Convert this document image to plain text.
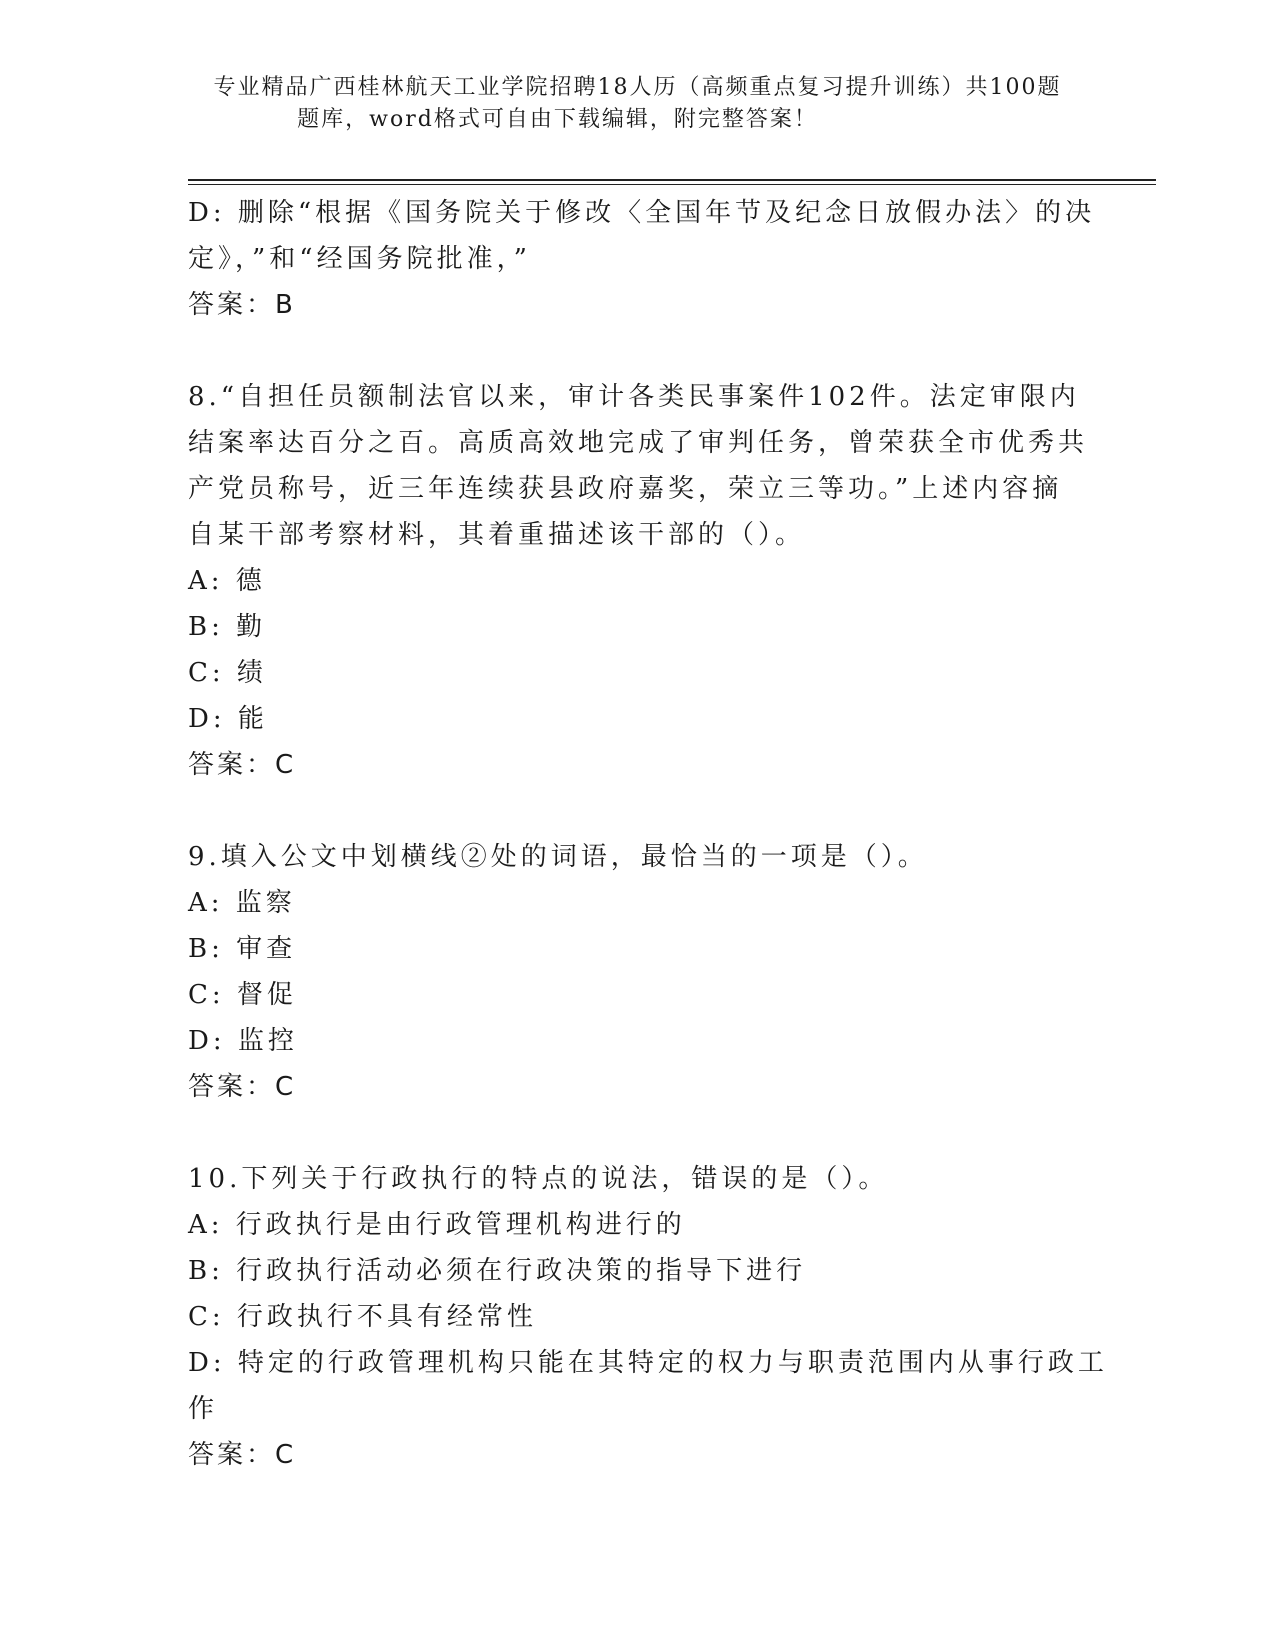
专业精品广西桂林航天工业学院招聘18人历（高频重点复习提升训练）共100题

题库，word格式可自由下载编辑，附完整答案！

D: 删除“根据《国务院关于修改〈全国年节及纪念日放假办法〉的决

定》，”和“经国务院批准，”

答案：B

8.“自担任员额制法官以来，审计各类民事案件102件。法定审限内

结案率达百分之百。高质高效地完成了审判任务，曾荣获全市优秀共

产党员称号，近三年连续获县政府嘉奖，荣立三等功。”上述内容摘

自某干部考察材料，其着重描述该干部的（）。

A: 德

B: 勤

C: 绩

D: 能

答案：C

9.填入公文中划横线②处的词语，最恰当的一项是（）。

A: 监察

B: 审查

C: 督促

D: 监控

答案：C

10.下列关于行政执行的特点的说法，错误的是（）。

A: 行政执行是由行政管理机构进行的

B: 行政执行活动必须在行政决策的指导下进行

C: 行政执行不具有经常性

D: 特定的行政管理机构只能在其特定的权力与职责范围内从事行政工

作

答案：C
